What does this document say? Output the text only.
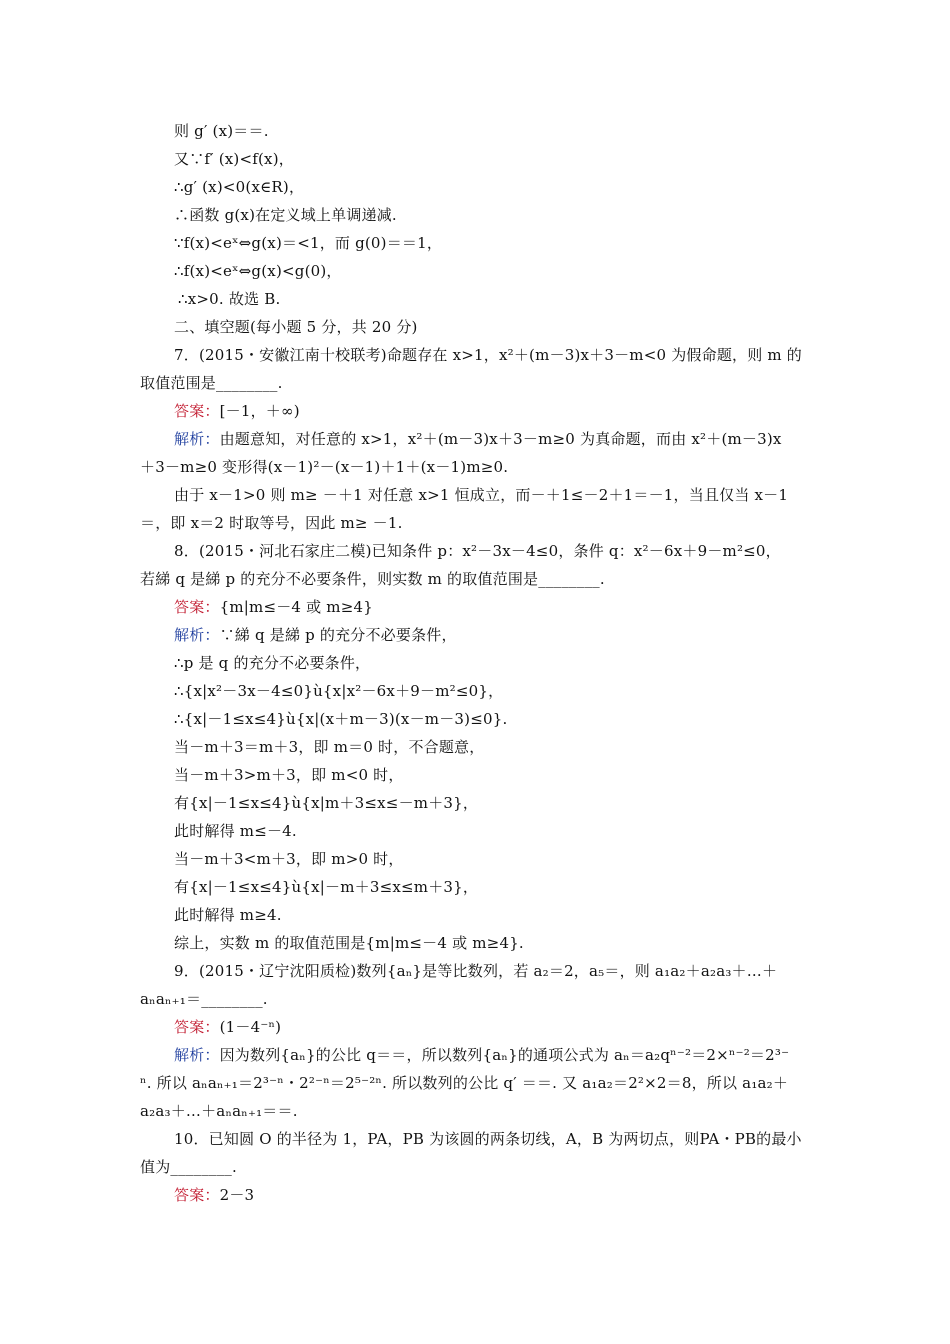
则 g′ (x)＝＝.
又∵f′ (x)<f(x)，
∴g′ (x)<0(x∈R)，
∴函数 g(x)在定义域上单调递减.
∵f(x)<eˣ⇔g(x)＝<1，而 g(0)＝＝1，
∴f(x)<eˣ⇔g(x)<g(0)，
∴x>0. 故选 B.
二、填空题(每小题 5 分，共 20 分)
7．(2015・安徽江南十校联考)命题存在 x>1，x²＋(m－3)x＋3－m<0 为假命题，则 m 的
取值范围是________.
答案：[－1，＋∞)
解析：由题意知，对任意的 x>1，x²＋(m－3)x＋3－m≥0 为真命题，而由 x²＋(m－3)x
＋3－m≥0 变形得(x－1)²－(x－1)＋1＋(x－1)m≥0.
由于 x－1>0 则 m≥ －＋1 对任意 x>1 恒成立，而－＋1≤－2＋1＝－1，当且仅当 x－1
＝，即 x＝2 时取等号，因此 m≥ －1.
8．(2015・河北石家庄二模)已知条件 p：x²－3x－4≤0，条件 q：x²－6x＋9－m²≤0，
若綈 q 是綈 p 的充分不必要条件，则实数 m 的取值范围是________.
答案：{m|m≤－4 或 m≥4}
解析：∵綈 q 是綈 p 的充分不必要条件，
∴p 是 q 的充分不必要条件，
∴{x|x²－3x－4≤0}ù{x|x²－6x＋9－m²≤0}，
∴{x|－1≤x≤4}ù{x|(x＋m－3)(x－m－3)≤0}.
当－m＋3＝m＋3，即 m＝0 时，不合题意，
当－m＋3>m＋3，即 m<0 时，
有{x|－1≤x≤4}ù{x|m＋3≤x≤－m＋3}，
此时解得 m≤－4.
当－m＋3<m＋3，即 m>0 时，
有{x|－1≤x≤4}ù{x|－m＋3≤x≤m＋3}，
此时解得 m≥4.
综上，实数 m 的取值范围是{m|m≤－4 或 m≥4}.
9．(2015・辽宁沈阳质检)数列{aₙ}是等比数列，若 a₂＝2，a₅＝，则 a₁a₂＋a₂a₃＋…＋
aₙaₙ₊₁＝________.
答案：(1－4⁻ⁿ)
解析：因为数列{aₙ}的公比 q＝＝，所以数列{aₙ}的通项公式为 aₙ＝a₂qⁿ⁻²＝2×ⁿ⁻²＝2³⁻
ⁿ. 所以 aₙaₙ₊₁＝2³⁻ⁿ・2²⁻ⁿ＝2⁵⁻²ⁿ. 所以数列的公比 q′ ＝＝. 又 a₁a₂＝2²×2＝8，所以 a₁a₂＋
a₂a₃＋…＋aₙaₙ₊₁＝＝.
10．已知圆 O 的半径为 1，PA，PB 为该圆的两条切线，A，B 为两切点，则PA・PB的最小
值为________.
答案：2－3
